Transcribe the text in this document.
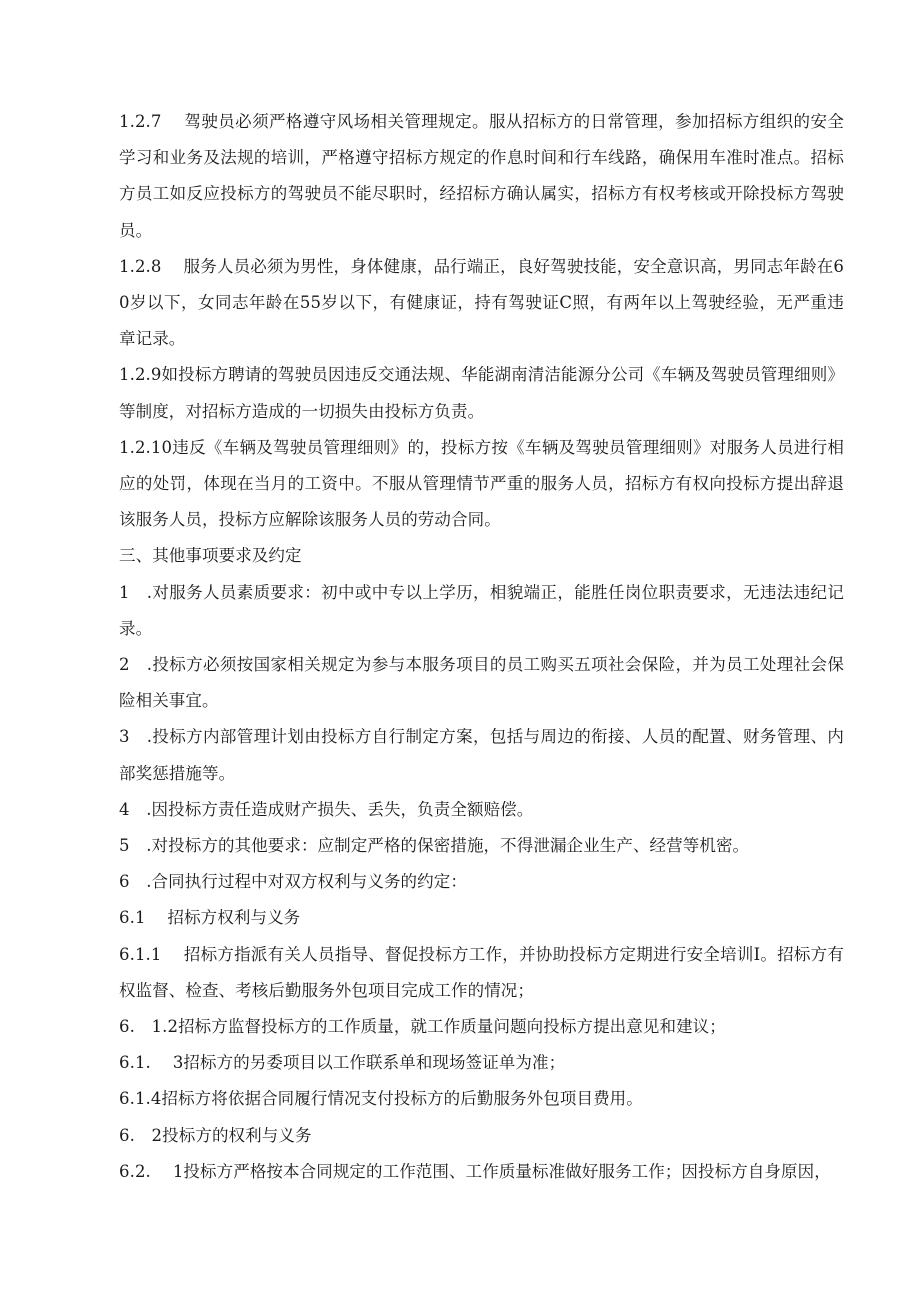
1.2.7　 驾驶员必须严格遵守风场相关管理规定。服从招标方的日常管理，参加招标方组织的安全学习和业务及法规的培训，严格遵守招标方规定的作息时间和行车线路，确保用车准时准点。招标方员工如反应投标方的驾驶员不能尽职时，经招标方确认属实，招标方有权考核或开除投标方驾驶员。

1.2.8　 服务人员必须为男性，身体健康，品行端正，良好驾驶技能，安全意识高，男同志年龄在60岁以下，女同志年龄在55岁以下，有健康证，持有驾驶证C照，有两年以上驾驶经验，无严重违章记录。

1.2.9如投标方聘请的驾驶员因违反交通法规、华能湖南清洁能源分公司《车辆及驾驶员管理细则》等制度，对招标方造成的一切损失由投标方负责。

1.2.10违反《车辆及驾驶员管理细则》的，投标方按《车辆及驾驶员管理细则》对服务人员进行相应的处罚，体现在当月的工资中。不服从管理情节严重的服务人员，招标方有权向投标方提出辞退该服务人员，投标方应解除该服务人员的劳动合同。

三、其他事项要求及约定

1　.对服务人员素质要求：初中或中专以上学历，相貌端正，能胜任岗位职责要求，无违法违纪记录。

2　.投标方必须按国家相关规定为参与本服务项目的员工购买五项社会保险，并为员工处理社会保险相关事宜。

3　.投标方内部管理计划由投标方自行制定方案，包括与周边的衔接、人员的配置、财务管理、内部奖惩措施等。

4　.因投标方责任造成财产损失、丢失，负责全额赔偿。

5　.对投标方的其他要求：应制定严格的保密措施，不得泄漏企业生产、经营等机密。

6　.合同执行过程中对双方权利与义务的约定：

6.1　 招标方权利与义务

6.1.1　 招标方指派有关人员指导、督促投标方工作，并协助投标方定期进行安全培训I。招标方有权监督、检查、考核后勤服务外包项目完成工作的情况；

6.　1.2招标方监督投标方的工作质量，就工作质量问题向投标方提出意见和建议；

6.1.　 3招标方的另委项目以工作联系单和现场签证单为准；

6.1.4招标方将依据合同履行情况支付投标方的后勤服务外包项目费用。

6.　2投标方的权利与义务

6.2.　 1投标方严格按本合同规定的工作范围、工作质量标准做好服务工作；因投标方自身原因，
